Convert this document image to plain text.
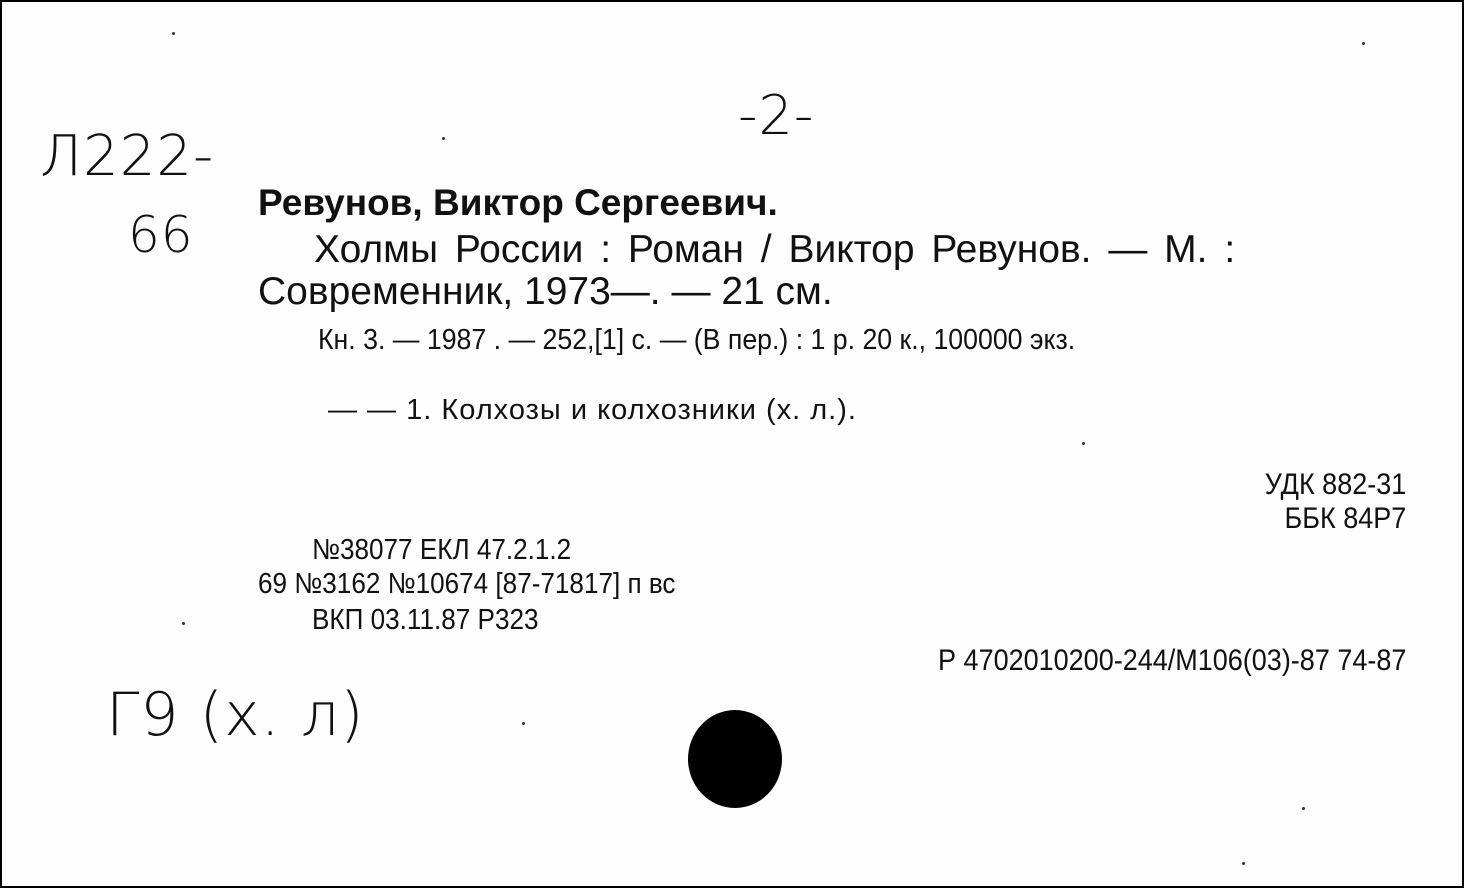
-2-
Л222-
66
Ревунов, Виктор Сергеевич.
Холмы России : Роман / Виктор Ревунов. — М. :
Современник, 1973—. — 21 см.
Кн. 3. — 1987 . — 252,[1] с. — (В пер.) : 1 р. 20 к., 100000 экз.
— — 1. Колхозы и колхозники (х. л.).
УДК 882-31
ББК 84Р7
№38077 ЕКЛ 47.2.1.2
69 №3162 №10674 [87-71817] п вс
ВКП 03.11.87 Р323
Р 4702010200-244/М106(03)-87 74-87
Г9 (х. л)
